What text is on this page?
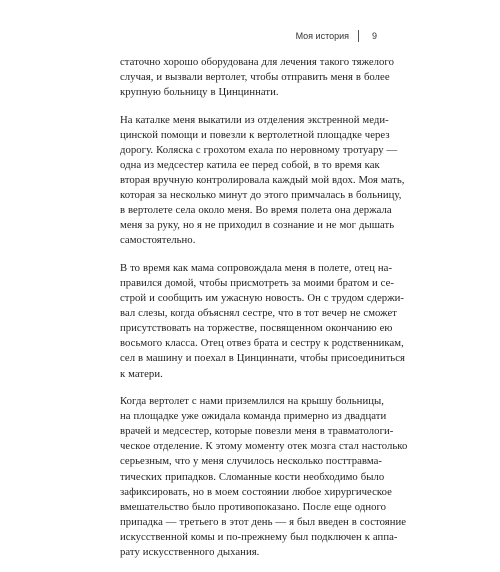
Моя история	9

статочно хорошо оборудована для лечения такого тяжелого
случая, и вызвали вертолет, чтобы отправить меня в более
крупную больницу в Цинциннати.

На каталке меня выкатили из отделения экстренной меди-
цинской помощи и повезли к вертолетной площадке через
дорогу. Коляска с грохотом ехала по неровному тротуару —
одна из медсестер катила ее перед собой, в то время как
вторая вручную контролировала каждый мой вдох. Моя мать,
которая за несколько минут до этого примчалась в больницу,
в вертолете села около меня. Во время полета она держала
меня за руку, но я не приходил в сознание и не мог дышать
самостоятельно.

В то время как мама сопровождала меня в полете, отец на-
правился домой, чтобы присмотреть за моими братом и се-
строй и сообщить им ужасную новость. Он с трудом сдержи-
вал слезы, когда объяснял сестре, что в тот вечер не сможет
присутствовать на торжестве, посвященном окончанию ею
восьмого класса. Отец отвез брата и сестру к родственникам,
сел в машину и поехал в Цинциннати, чтобы присоединиться
к матери.

Когда вертолет с нами приземлился на крышу больницы,
на площадке уже ожидала команда примерно из двадцати
врачей и медсестер, которые повезли меня в травматологи-
ческое отделение. К этому моменту отек мозга стал настолько
серьезным, что у меня случилось несколько посттравма-
тических припадков. Сломанные кости необходимо было
зафиксировать, но в моем состоянии любое хирургическое
вмешательство было противопоказано. После еще одного
припадка — третьего в этот день — я был введен в состояние
искусственной комы и по-прежнему был подключен к аппа-
рату искусственного дыхания.
